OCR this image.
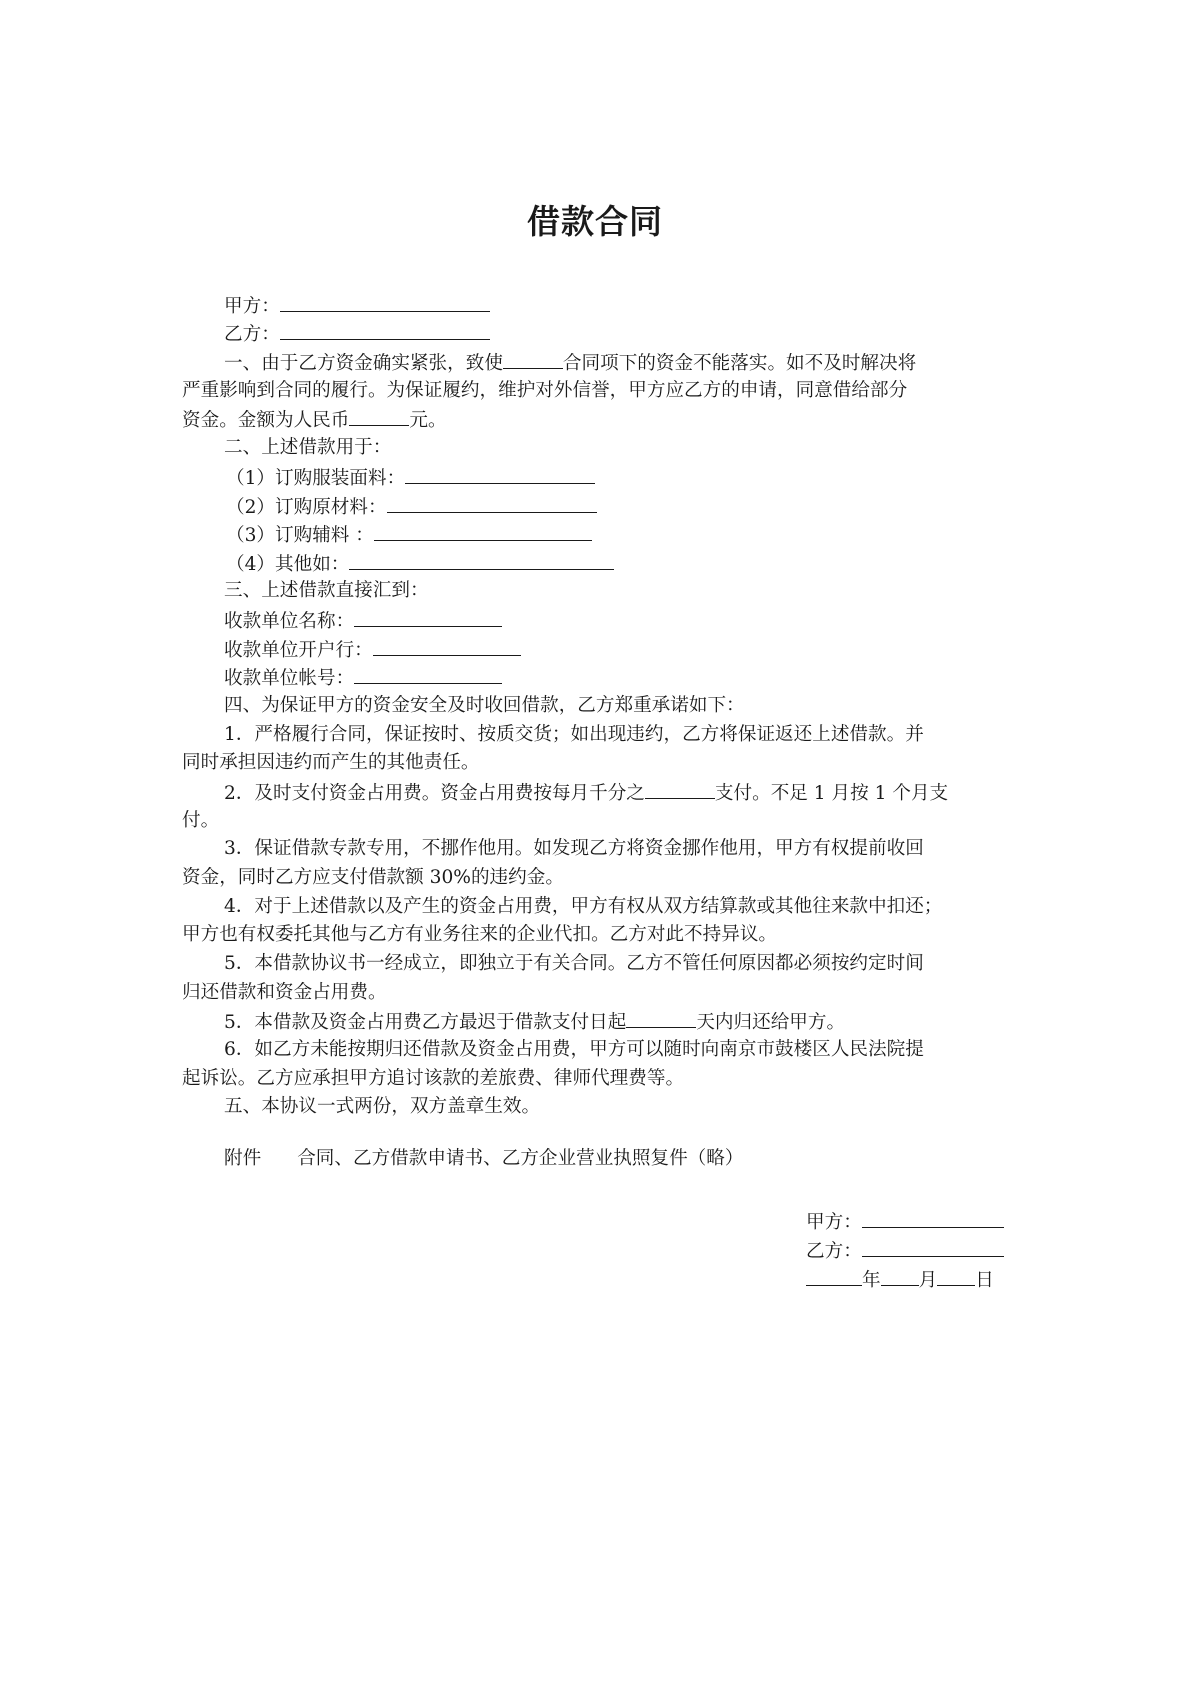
借款合同
甲方：
乙方：
一、由于乙方资金确实紧张，致使	合同项下的资金不能落实。如不及时解决将
严重影响到合同的履行。为保证履约，维护对外信誉，甲方应乙方的申请，同意借给部分
资金。金额为人民币	元。
二、上述借款用于：
（1）订购服装面料：
（2）订购原材料：
（3）订购辅料 ：
（4）其他如：
三、上述借款直接汇到：
收款单位名称：
收款单位开户行：
收款单位帐号：
四、为保证甲方的资金安全及时收回借款，乙方郑重承诺如下：
1．严格履行合同，保证按时、按质交货；如出现违约，乙方将保证返还上述借款。并
同时承担因违约而产生的其他责任。
2．及时支付资金占用费。资金占用费按每月千分之	支付。不足 1 月按 1 个月支
付。
3．保证借款专款专用，不挪作他用。如发现乙方将资金挪作他用，甲方有权提前收回
资金，同时乙方应支付借款额 30%的违约金。
4．对于上述借款以及产生的资金占用费，甲方有权从双方结算款或其他往来款中扣还；
甲方也有权委托其他与乙方有业务往来的企业代扣。乙方对此不持异议。
5．本借款协议书一经成立，即独立于有关合同。乙方不管任何原因都必须按约定时间
归还借款和资金占用费。
5．本借款及资金占用费乙方最迟于借款支付日起	天内归还给甲方。
6．如乙方未能按期归还借款及资金占用费，甲方可以随时向南京市鼓楼区人民法院提
起诉讼。乙方应承担甲方追讨该款的差旅费、律师代理费等。
五、本协议一式两份，双方盖章生效。
附件 合同、乙方借款申请书、乙方企业营业执照复件（略）
甲方：
乙方：
年 月 日
